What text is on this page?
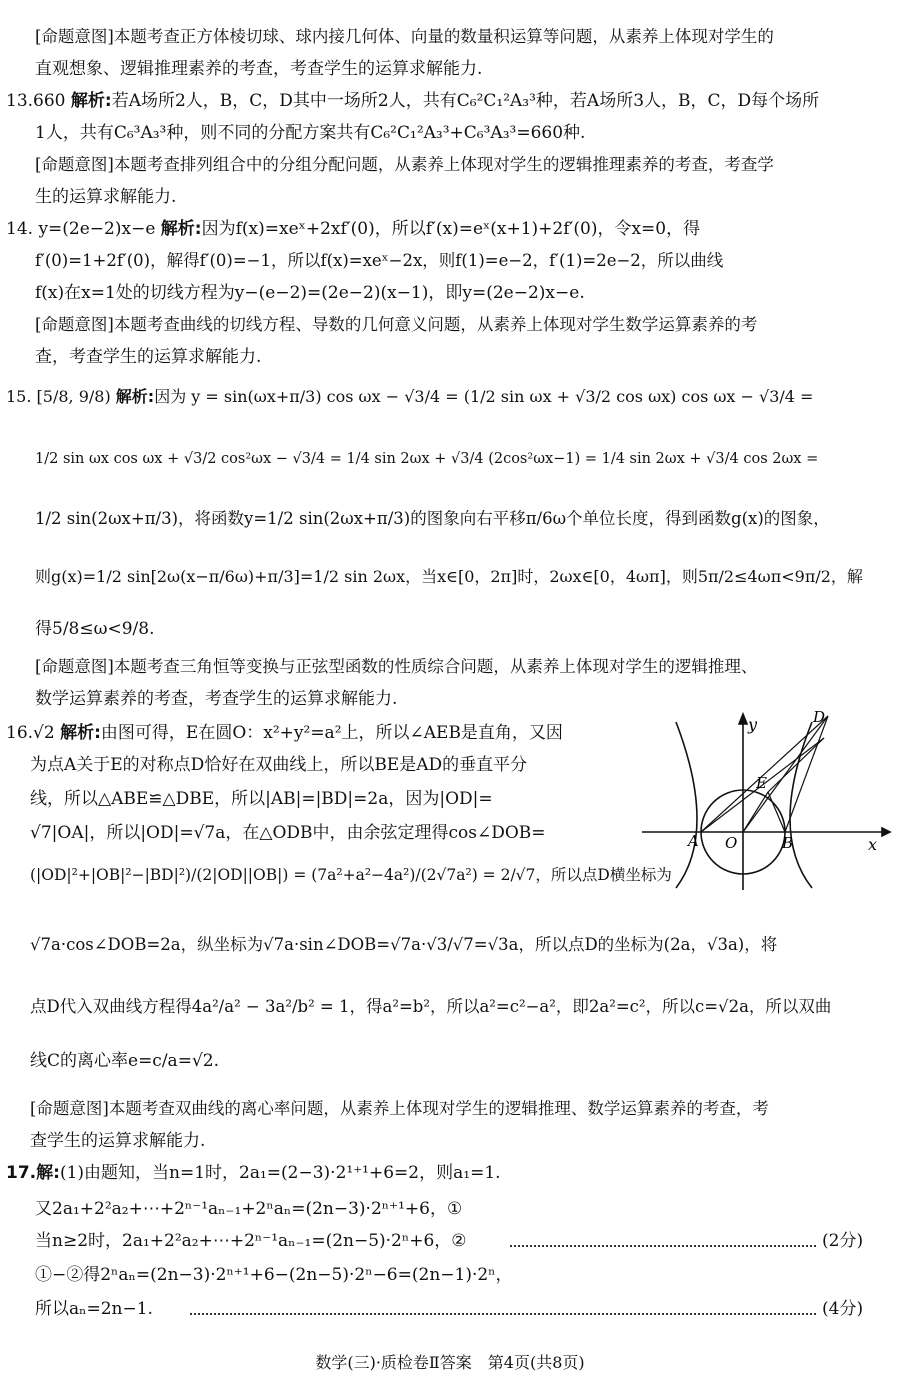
[命题意图]本题考查正方体棱切球、球内接几何体、向量的数量积运算等问题，从素养上体现对学生的
直观想象、逻辑推理素养的考查，考查学生的运算求解能力.
13.660 解析:若A场所2人，B，C，D其中一场所2人，共有C₆²C₁²A₃³种，若A场所3人，B，C，D每个场所
1人，共有C₆³A₃³种，则不同的分配方案共有C₆²C₁²A₃³+C₆³A₃³=660种.
[命题意图]本题考查排列组合中的分组分配问题，从素养上体现对学生的逻辑推理素养的考查，考查学
生的运算求解能力.
14. y=(2e−2)x−e 解析:因为f(x)=xeˣ+2xf′(0)，所以f′(x)=eˣ(x+1)+2f′(0)，令x=0，得
f′(0)=1+2f′(0)，解得f′(0)=−1，所以f(x)=xeˣ−2x，则f(1)=e−2，f′(1)=2e−2，所以曲线
f(x)在x=1处的切线方程为y−(e−2)=(2e−2)(x−1)，即y=(2e−2)x−e.
[命题意图]本题考查曲线的切线方程、导数的几何意义问题，从素养上体现对学生数学运算素养的考
查，考查学生的运算求解能力.
15. [5/8, 9/8) 解析:因为 y = sin(ωx+π/3) cos ωx − √3/4 = (1/2 sin ωx + √3/2 cos ωx) cos ωx − √3/4 =
1/2 sin ωx cos ωx + √3/2 cos²ωx − √3/4 = 1/4 sin 2ωx + √3/4 (2cos²ωx−1) = 1/4 sin 2ωx + √3/4 cos 2ωx =
1/2 sin(2ωx+π/3)，将函数y=1/2 sin(2ωx+π/3)的图象向右平移π/6ω个单位长度，得到函数g(x)的图象，
则g(x)=1/2 sin[2ω(x−π/6ω)+π/3]=1/2 sin 2ωx，当x∈[0，2π]时，2ωx∈[0，4ωπ]，则5π/2≤4ωπ<9π/2，解
得5/8≤ω<9/8.
[命题意图]本题考查三角恒等变换与正弦型函数的性质综合问题，从素养上体现对学生的逻辑推理、
数学运算素养的考查，考查学生的运算求解能力.
16.√2 解析:由图可得，E在圆O：x²+y²=a²上，所以∠AEB是直角，又因
为点A关于E的对称点D恰好在双曲线上，所以BE是AD的垂直平分
线，所以△ABE≌△DBE，所以|AB|=|BD|=2a，因为|OD|=
√7|OA|，所以|OD|=√7a，在△ODB中，由余弦定理得cos∠DOB=
(|OD|²+|OB|²−|BD|²)/(2|OD||OB|) = (7a²+a²−4a²)/(2√7a²) = 2/√7，所以点D横坐标为
√7a·cos∠DOB=2a，纵坐标为√7a·sin∠DOB=√7a·√3/√7=√3a，所以点D的坐标为(2a，√3a)，将
点D代入双曲线方程得4a²/a² − 3a²/b² = 1，得a²=b²，所以a²=c²−a²，即2a²=c²，所以c=√2a，所以双曲
线C的离心率e=c/a=√2.
[命题意图]本题考查双曲线的离心率问题，从素养上体现对学生的逻辑推理、数学运算素养的考查，考
查学生的运算求解能力.
y
x
A O	B
E
D
17.解:(1)由题知，当n=1时，2a₁=(2−3)·2¹⁺¹+6=2，则a₁=1.
又2a₁+2²a₂+⋯+2ⁿ⁻¹aₙ₋₁+2ⁿaₙ=(2n−3)·2ⁿ⁺¹+6，①
当n≥2时，2a₁+2²a₂+⋯+2ⁿ⁻¹aₙ₋₁=(2n−5)·2ⁿ+6，②	(2分)
①−②得2ⁿaₙ=(2n−3)·2ⁿ⁺¹+6−(2n−5)·2ⁿ−6=(2n−1)·2ⁿ，
所以aₙ=2n−1.	(4分)
数学(三)·质检卷Ⅱ答案　第4页(共8页)
